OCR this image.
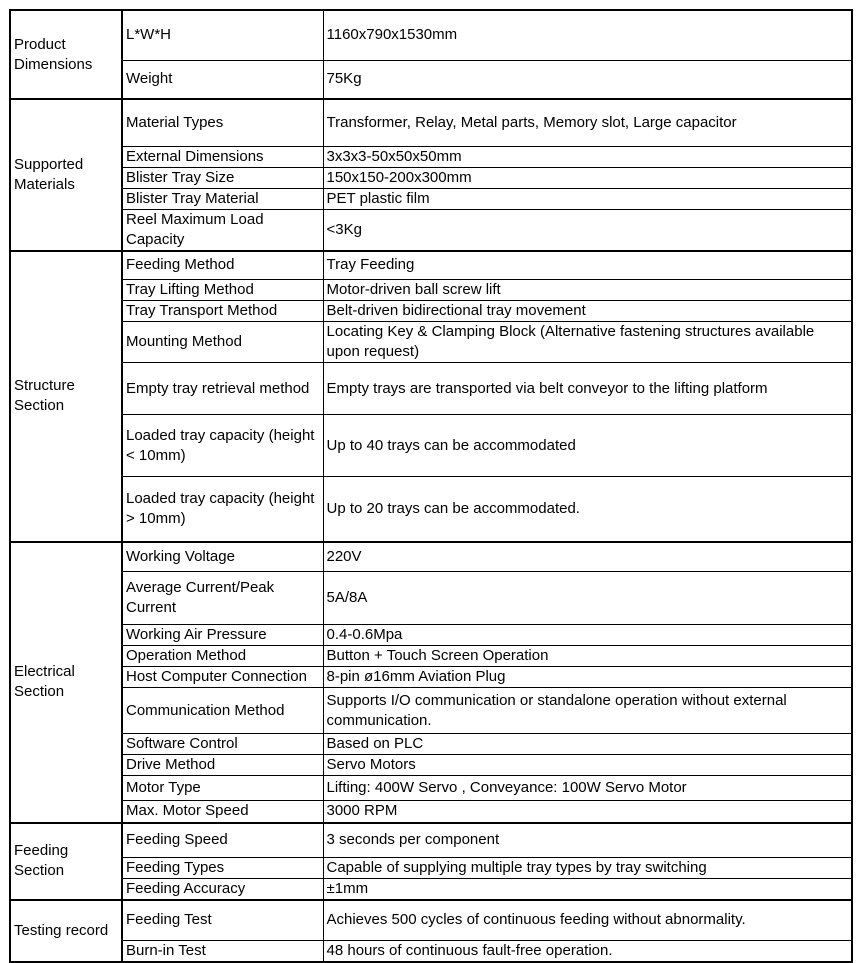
Product Dimensions	L*W*H	1160x790x1530mm
	Weight	75Kg
Supported Materials	Material Types	Transformer, Relay, Metal parts, Memory slot, Large capacitor
	External Dimensions	3x3x3-50x50x50mm
	Blister Tray Size	150x150-200x300mm
	Blister Tray Material	PET plastic film
	Reel Maximum Load Capacity	<3Kg
Structure Section	Feeding Method	Tray Feeding
	Tray Lifting Method	Motor-driven ball screw lift
	Tray Transport Method	Belt-driven bidirectional tray movement
	Mounting Method	Locating Key & Clamping Block (Alternative fastening structures available upon request)
	Empty tray retrieval method	Empty trays are transported via belt conveyor to the lifting platform
	Loaded tray capacity (height < 10mm)	Up to 40 trays can be accommodated
	Loaded tray capacity (height > 10mm)	Up to 20 trays can be accommodated.
Electrical Section	Working Voltage	220V
	Average Current/Peak Current	5A/8A
	Working Air Pressure	0.4-0.6Mpa
	Operation Method	Button + Touch Screen Operation
	Host Computer Connection	8-pin ø16mm Aviation Plug
	Communication Method	Supports I/O communication or standalone operation without external communication.
	Software Control	Based on PLC
	Drive Method	Servo Motors
	Motor Type	Lifting: 400W Servo , Conveyance: 100W Servo Motor
	Max. Motor Speed	3000 RPM
Feeding Section	Feeding Speed	3 seconds per component
	Feeding Types	Capable of supplying multiple tray types by tray switching
	Feeding Accuracy	±1mm
Testing record	Feeding Test	Achieves 500 cycles of continuous feeding without abnormality.
	Burn-in Test	48 hours of continuous fault-free operation.
